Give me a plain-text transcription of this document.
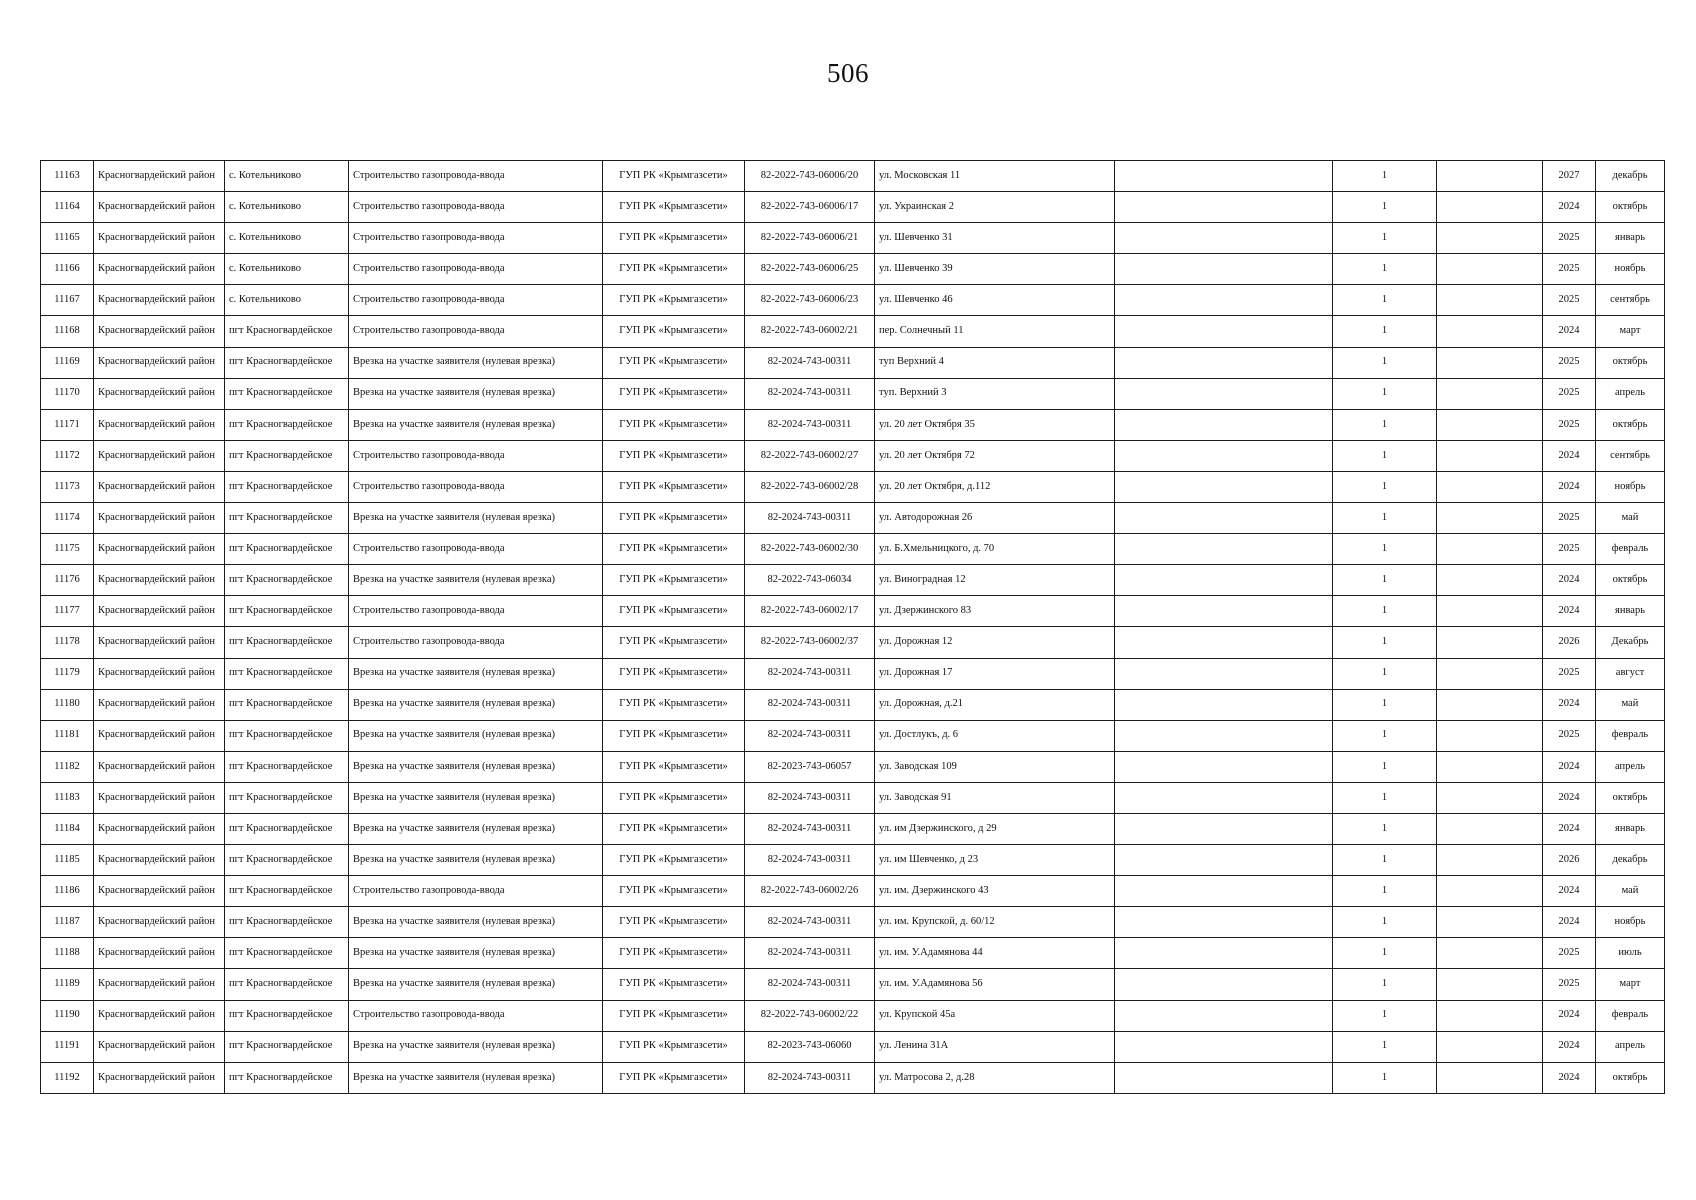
506
11163	Красногвардейский район	с. Котельниково	Строительство газопровода-ввода	ГУП РК «Крымгазсети»	82-2022-743-06006/20	ул. Московская 11		1		2027	декабрь
11164	Красногвардейский район	с. Котельниково	Строительство газопровода-ввода	ГУП РК «Крымгазсети»	82-2022-743-06006/17	ул. Украинская 2		1		2024	октябрь
11165	Красногвардейский район	с. Котельниково	Строительство газопровода-ввода	ГУП РК «Крымгазсети»	82-2022-743-06006/21	ул. Шевченко 31		1		2025	январь
11166	Красногвардейский район	с. Котельниково	Строительство газопровода-ввода	ГУП РК «Крымгазсети»	82-2022-743-06006/25	ул. Шевченко 39		1		2025	ноябрь
11167	Красногвардейский район	с. Котельниково	Строительство газопровода-ввода	ГУП РК «Крымгазсети»	82-2022-743-06006/23	ул. Шевченко 46		1		2025	сентябрь
11168	Красногвардейский район	пгт Красногвардейское	Строительство газопровода-ввода	ГУП РК «Крымгазсети»	82-2022-743-06002/21	пер. Солнечный 11		1		2024	март
11169	Красногвардейский район	пгт Красногвардейское	Врезка на участке заявителя (нулевая врезка)	ГУП РК «Крымгазсети»	82-2024-743-00311	туп Верхний 4		1		2025	октябрь
11170	Красногвардейский район	пгт Красногвардейское	Врезка на участке заявителя (нулевая врезка)	ГУП РК «Крымгазсети»	82-2024-743-00311	туп. Верхний 3		1		2025	апрель
11171	Красногвардейский район	пгт Красногвардейское	Врезка на участке заявителя (нулевая врезка)	ГУП РК «Крымгазсети»	82-2024-743-00311	ул. 20 лет Октября 35		1		2025	октябрь
11172	Красногвардейский район	пгт Красногвардейское	Строительство газопровода-ввода	ГУП РК «Крымгазсети»	82-2022-743-06002/27	ул. 20 лет Октября 72		1		2024	сентябрь
11173	Красногвардейский район	пгт Красногвардейское	Строительство газопровода-ввода	ГУП РК «Крымгазсети»	82-2022-743-06002/28	ул. 20 лет Октября, д.112		1		2024	ноябрь
11174	Красногвардейский район	пгт Красногвардейское	Врезка на участке заявителя (нулевая врезка)	ГУП РК «Крымгазсети»	82-2024-743-00311	ул. Автодорожная 26		1		2025	май
11175	Красногвардейский район	пгт Красногвардейское	Строительство газопровода-ввода	ГУП РК «Крымгазсети»	82-2022-743-06002/30	ул. Б.Хмельницкого, д. 70		1		2025	февраль
11176	Красногвардейский район	пгт Красногвардейское	Врезка на участке заявителя (нулевая врезка)	ГУП РК «Крымгазсети»	82-2022-743-06034	ул. Виноградная 12		1		2024	октябрь
11177	Красногвардейский район	пгт Красногвардейское	Строительство газопровода-ввода	ГУП РК «Крымгазсети»	82-2022-743-06002/17	ул. Дзержинского 83		1		2024	январь
11178	Красногвардейский район	пгт Красногвардейское	Строительство газопровода-ввода	ГУП РК «Крымгазсети»	82-2022-743-06002/37	ул. Дорожная 12		1		2026	Декабрь
11179	Красногвардейский район	пгт Красногвардейское	Врезка на участке заявителя (нулевая врезка)	ГУП РК «Крымгазсети»	82-2024-743-00311	ул. Дорожная 17		1		2025	август
11180	Красногвардейский район	пгт Красногвардейское	Врезка на участке заявителя (нулевая врезка)	ГУП РК «Крымгазсети»	82-2024-743-00311	ул. Дорожная, д.21		1		2024	май
11181	Красногвардейский район	пгт Красногвардейское	Врезка на участке заявителя (нулевая врезка)	ГУП РК «Крымгазсети»	82-2024-743-00311	ул. Достлукъ, д. 6		1		2025	февраль
11182	Красногвардейский район	пгт Красногвардейское	Врезка на участке заявителя (нулевая врезка)	ГУП РК «Крымгазсети»	82-2023-743-06057	ул. Заводская 109		1		2024	апрель
11183	Красногвардейский район	пгт Красногвардейское	Врезка на участке заявителя (нулевая врезка)	ГУП РК «Крымгазсети»	82-2024-743-00311	ул. Заводская 91		1		2024	октябрь
11184	Красногвардейский район	пгт Красногвардейское	Врезка на участке заявителя (нулевая врезка)	ГУП РК «Крымгазсети»	82-2024-743-00311	ул. им Дзержинского, д 29		1		2024	январь
11185	Красногвардейский район	пгт Красногвардейское	Врезка на участке заявителя (нулевая врезка)	ГУП РК «Крымгазсети»	82-2024-743-00311	ул. им Шевченко, д 23		1		2026	декабрь
11186	Красногвардейский район	пгт Красногвардейское	Строительство газопровода-ввода	ГУП РК «Крымгазсети»	82-2022-743-06002/26	ул. им. Дзержинского 43		1		2024	май
11187	Красногвардейский район	пгт Красногвардейское	Врезка на участке заявителя (нулевая врезка)	ГУП РК «Крымгазсети»	82-2024-743-00311	ул. им. Крупской, д. 60/12		1		2024	ноябрь
11188	Красногвардейский район	пгт Красногвардейское	Врезка на участке заявителя (нулевая врезка)	ГУП РК «Крымгазсети»	82-2024-743-00311	ул. им. У.Адамянова 44		1		2025	июль
11189	Красногвардейский район	пгт Красногвардейское	Врезка на участке заявителя (нулевая врезка)	ГУП РК «Крымгазсети»	82-2024-743-00311	ул. им. У.Адамянова 56		1		2025	март
11190	Красногвардейский район	пгт Красногвардейское	Строительство газопровода-ввода	ГУП РК «Крымгазсети»	82-2022-743-06002/22	ул. Крупской 45а		1		2024	февраль
11191	Красногвардейский район	пгт Красногвардейское	Врезка на участке заявителя (нулевая врезка)	ГУП РК «Крымгазсети»	82-2023-743-06060	ул. Ленина 31А		1		2024	апрель
11192	Красногвардейский район	пгт Красногвардейское	Врезка на участке заявителя (нулевая врезка)	ГУП РК «Крымгазсети»	82-2024-743-00311	ул. Матросова 2, д.28		1		2024	октябрь
